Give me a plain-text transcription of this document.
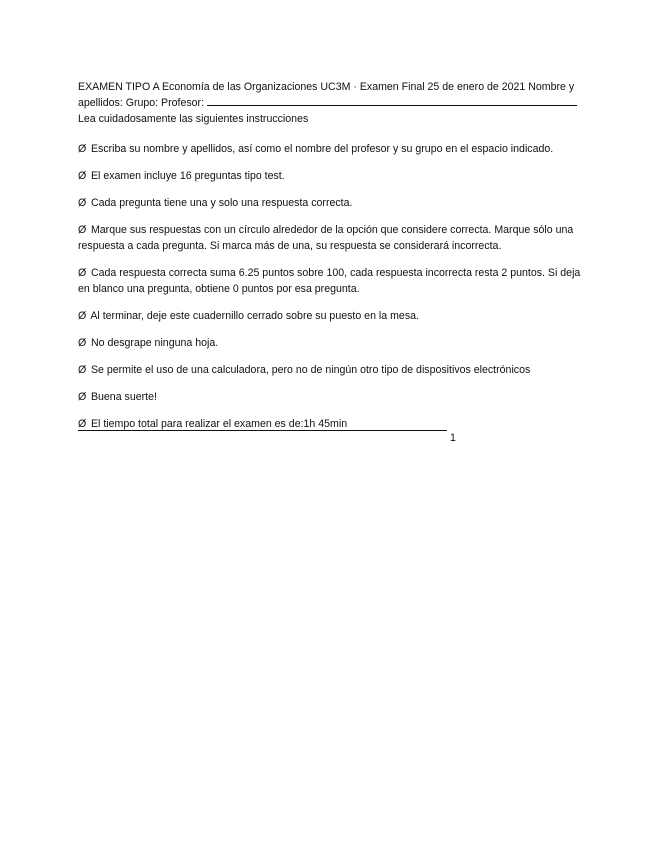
EXAMEN TIPO A Economía de las Organizaciones UC3M · Examen Final 25 de enero de 2021 Nombre y

apellidos: Grupo: Profesor:

Lea cuidadosamente las siguientes instrucciones

Ø Escriba su nombre y apellidos, así como el nombre del profesor y su grupo en el espacio indicado.

Ø El examen incluye 16 preguntas tipo test.

Ø Cada pregunta tiene una y solo una respuesta correcta.

Ø Marque sus respuestas con un círculo alrededor de la opción que considere correcta. Marque sólo una respuesta a cada pregunta. Si marca más de una, su respuesta se considerará incorrecta.

Ø Cada respuesta correcta suma 6.25 puntos sobre 100, cada respuesta incorrecta resta 2 puntos. Si deja en blanco una pregunta, obtiene 0 puntos por esa pregunta.

Ø Al terminar, deje este cuadernillo cerrado sobre su puesto en la mesa.

Ø No desgrape ninguna hoja.

Ø Se permite el uso de una calculadora, pero no de ningún otro tipo de dispositivos electrónicos

Ø Buena suerte!

Ø El tiempo total para realizar el examen es de:1h 45min

1
